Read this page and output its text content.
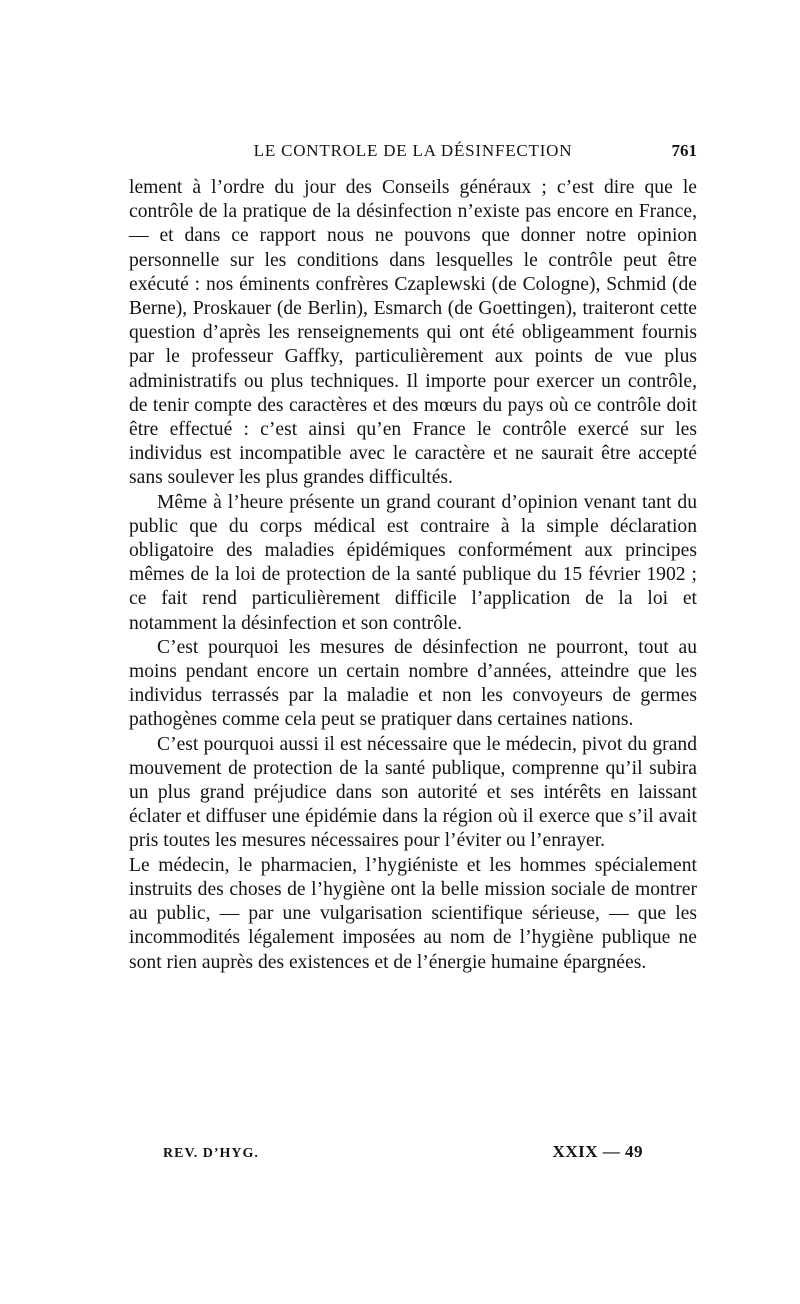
LE CONTROLE DE LA DÉSINFECTION	761

lement à l’ordre du jour des Conseils généraux ; c’est dire que le contrôle de la pratique de la désinfection n’existe pas encore en France, — et dans ce rapport nous ne pouvons que donner notre opinion personnelle sur les conditions dans lesquelles le contrôle peut être exécuté : nos éminents confrères Czaplewski (de Cologne), Schmid (de Berne), Proskauer (de Berlin), Esmarch (de Goettingen), traiteront cette question d’après les renseignements qui ont été obligeamment fournis par le professeur Gaffky, particulièrement aux points de vue plus administratifs ou plus techniques. Il importe pour exercer un contrôle, de tenir compte des caractères et des mœurs du pays où ce contrôle doit être effectué : c’est ainsi qu’en France le contrôle exercé sur les individus est incompatible avec le caractère et ne saurait être accepté sans soulever les plus grandes difficultés.

Même à l’heure présente un grand courant d’opinion venant tant du public que du corps médical est contraire à la simple déclaration obligatoire des maladies épidémiques conformément aux principes mêmes de la loi de protection de la santé publique du 15 février 1902 ; ce fait rend particulièrement difficile l’application de la loi et notamment la désinfection et son contrôle.

C’est pourquoi les mesures de désinfection ne pourront, tout au moins pendant encore un certain nombre d’années, atteindre que les individus terrassés par la maladie et non les convoyeurs de germes pathogènes comme cela peut se pratiquer dans certaines nations.

C’est pourquoi aussi il est nécessaire que le médecin, pivot du grand mouvement de protection de la santé publique, comprenne qu’il subira un plus grand préjudice dans son autorité et ses intérêts en laissant éclater et diffuser une épidémie dans la région où il exerce que s’il avait pris toutes les mesures nécessaires pour l’éviter ou l’enrayer.

Le médecin, le pharmacien, l’hygiéniste et les hommes spécialement instruits des choses de l’hygiène ont la belle mission sociale de montrer au public, — par une vulgarisation scientifique sérieuse, — que les incommodités légalement imposées au nom de l’hygiène publique ne sont rien auprès des existences et de l’énergie humaine épargnées.

REV. D’HYG.	XXIX — 49
